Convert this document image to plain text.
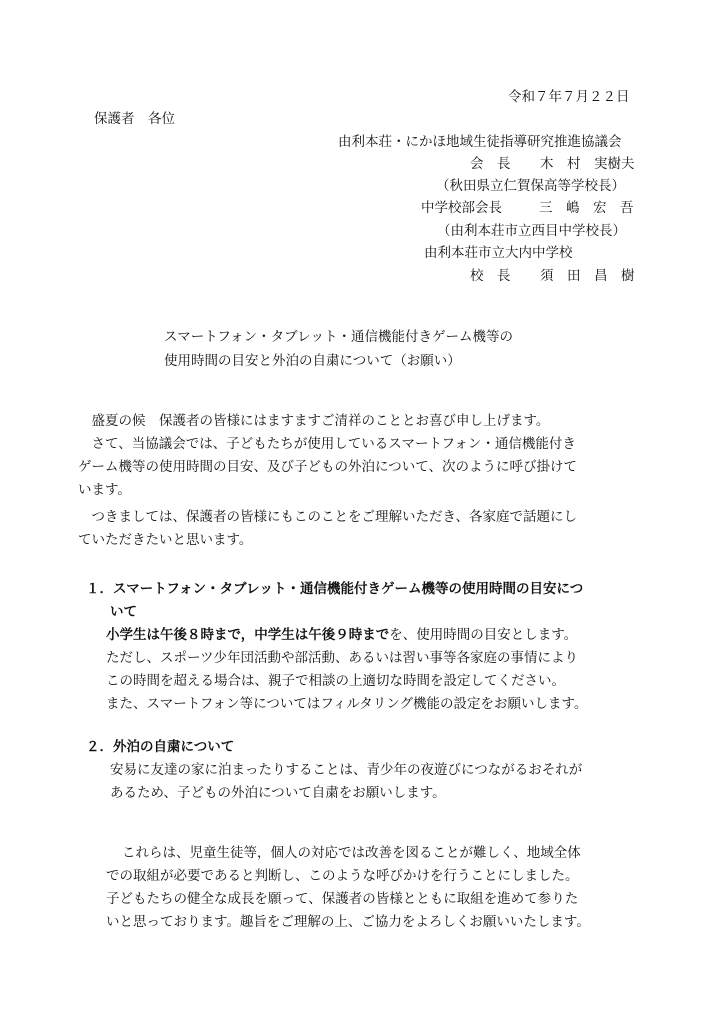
令和７年７月２２日
保護者　各位
由利本荘・にかほ地域生徒指導研究推進協議会
会　長 木　村　実樹夫
（秋田県立仁賀保高等学校長）
中学校部会長	三　嶋　宏　吾
（由利本荘市立西目中学校長）
由利本荘市立大内中学校
校　長 須　田　昌　樹
スマートフォン・タブレット・通信機能付きゲーム機等の
使用時間の目安と外泊の自粛について（お願い）
　盛夏の候　保護者の皆様にはますますご清祥のこととお喜び申し上げます。
　さて、当協議会では、子どもたちが使用しているスマートフォン・通信機能付き
ゲーム機等の使用時間の目安、及び子どもの外泊について、次のように呼び掛けて
います。
　つきましては、保護者の皆様にもこのことをご理解いただき、各家庭で話題にし
ていただきたいと思います。
１．スマートフォン・タブレット・通信機能付きゲーム機等の使用時間の目安につ
いて
小学生は午後８時まで，中学生は午後９時までを、使用時間の目安とします。
ただし、スポーツ少年団活動や部活動、あるいは習い事等各家庭の事情により
この時間を超える場合は、親子で相談の上適切な時間を設定してください。
また、スマートフォン等についてはフィルタリング機能の設定をお願いします。
２．外泊の自粛について
安易に友達の家に泊まったりすることは、青少年の夜遊びにつながるおそれが
あるため、子どもの外泊について自粛をお願いします。
これらは、児童生徒等，個人の対応では改善を図ることが難しく、地域全体
での取組が必要であると判断し、このような呼びかけを行うことにしました。
子どもたちの健全な成長を願って、保護者の皆様とともに取組を進めて参りた
いと思っております。趣旨をご理解の上、ご協力をよろしくお願いいたします。
